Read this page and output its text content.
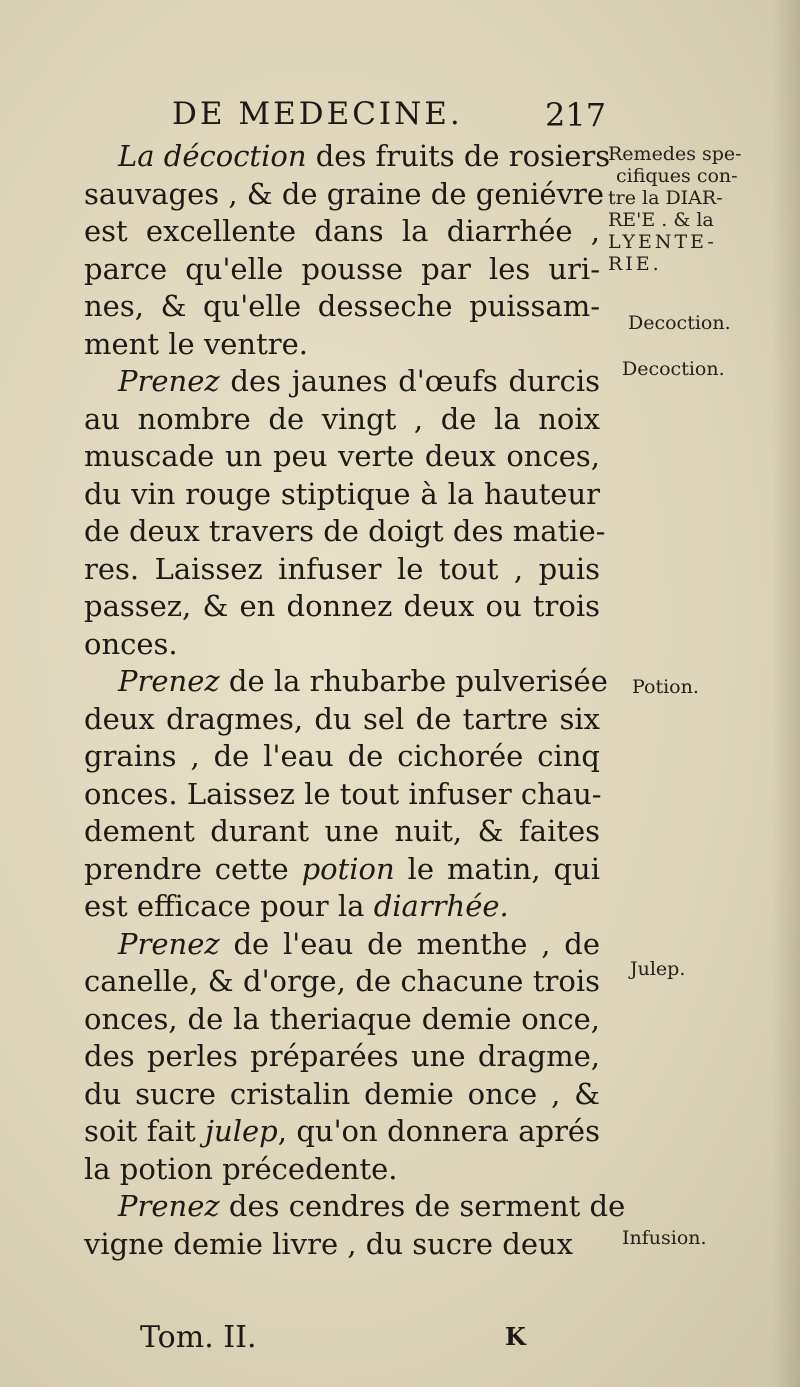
DE MEDECINE.	217
La décoction des fruits de rosiers
sauvages , & de graine de geniévre
est excellente dans la diarrhée ,
parce qu'elle pousse par les uri-
nes, & qu'elle desseche puissam-
ment le ventre.
Prenez des jaunes d'œufs durcis
au nombre de vingt , de la noix
muscade un peu verte deux onces,
du vin rouge stiptique à la hauteur
de deux travers de doigt des matie-
res. Laissez infuser le tout , puis
passez, & en donnez deux ou trois
onces.
Prenez de la rhubarbe pulverisée
deux dragmes, du sel de tartre six
grains , de l'eau de cichorée cinq
onces. Laissez le tout infuser chau-
dement durant une nuit, & faites
prendre cette potion le matin, qui
est efficace pour la diarrhée.
Prenez de l'eau de menthe , de
canelle, & d'orge, de chacune trois
onces, de la theriaque demie once,
des perles préparées une dragme,
du sucre cristalin demie once , &
soit fait julep, qu'on donnera aprés
la potion précedente.
Prenez des cendres de serment de
vigne demie livre , du sucre deux
Remedes spe-
cifiques con-
tre la DIAR-
RE'E . & la
LYENTE-
RIE.
Decoction.
Decoction.
Potion.
Julep.
Infusion.
Tom. II.	K
